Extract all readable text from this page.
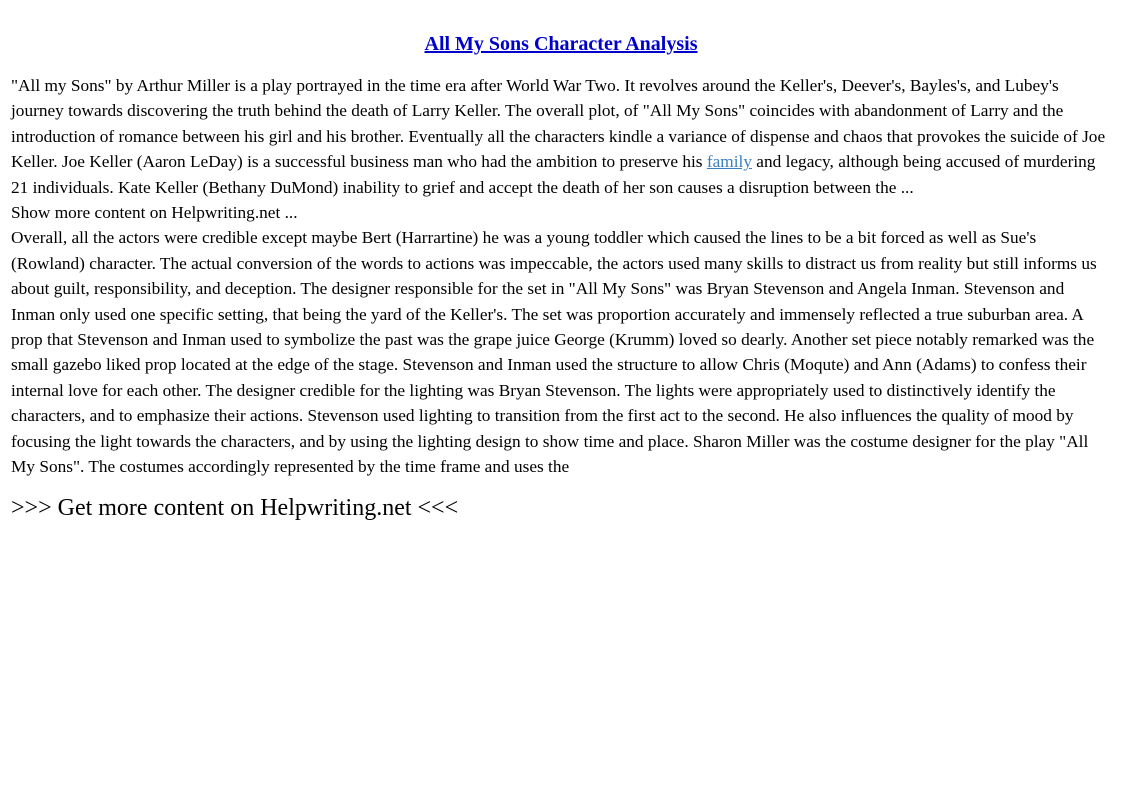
All My Sons Character Analysis

"All my Sons" by Arthur Miller is a play portrayed in the time era after World War Two. It revolves around the Keller's, Deever's, Bayles's, and Lubey's journey towards discovering the truth behind the death of Larry Keller. The overall plot, of "All My Sons" coincides with abandonment of Larry and the introduction of romance between his girl and his brother. Eventually all the characters kindle a variance of dispense and chaos that provokes the suicide of Joe Keller. Joe Keller (Aaron LeDay) is a successful business man who had the ambition to preserve his family and legacy, although being accused of murdering 21 individuals. Kate Keller (Bethany DuMond) inability to grief and accept the death of her son causes a disruption between the ...

Show more content on Helpwriting.net ...

Overall, all the actors were credible except maybe Bert (Harrartine) he was a young toddler which caused the lines to be a bit forced as well as Sue's (Rowland) character. The actual conversion of the words to actions was impeccable, the actors used many skills to distract us from reality but still informs us about guilt, responsibility, and deception. The designer responsible for the set in "All My Sons" was Bryan Stevenson and Angela Inman. Stevenson and Inman only used one specific setting, that being the yard of the Keller's. The set was proportion accurately and immensely reflected a true suburban area. A prop that Stevenson and Inman used to symbolize the past was the grape juice George (Krumm) loved so dearly. Another set piece notably remarked was the small gazebo liked prop located at the edge of the stage. Stevenson and Inman used the structure to allow Chris (Moqute) and Ann (Adams) to confess their internal love for each other. The designer credible for the lighting was Bryan Stevenson. The lights were appropriately used to distinctively identify the characters, and to emphasize their actions. Stevenson used lighting to transition from the first act to the second. He also influences the quality of mood by focusing the light towards the characters, and by using the lighting design to show time and place. Sharon Miller was the costume designer for the play "All My Sons". The costumes accordingly represented by the time frame and uses the

>>> Get more content on Helpwriting.net <<<
